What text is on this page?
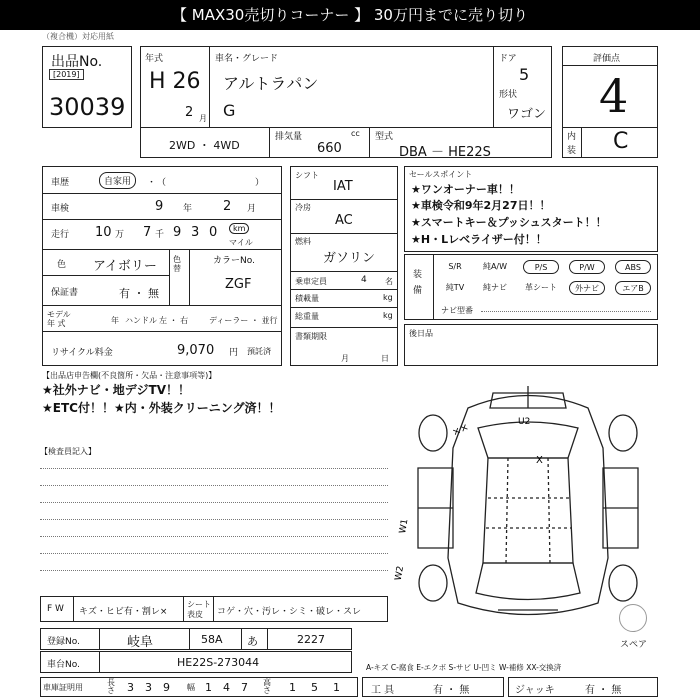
【 MAX30売切りコーナー 】 30万円までに売り切り
（複合機）対応用紙
出品No.
[2019]
30039
年式
H 26
2 月
車名・グレード
アルトラパン
G
ドア
5
形状
ワゴン
2WD ・ 4WD
排気量	cc
660
型式
DBA － HE22S
評価点
4
内
装 C
車歴	自家用	・ （	）
車検	9 年 2 月
走行 10 万 7 千 9 3 0	km
マイル
色 アイボリー 色替
カラーNo.
ZGF
保証書	有 ・ 無
モデル
年 式	年 ハンドル 左 ・ 右	ディーラー ・ 並行
リサイクル料金	9,070 円 預託済
シフト
IAT
冷房
AC
燃料
ガソリン
乗車定員	4 名
積載量	kg
総重量	kg
書類期限
月	日
セールスポイント
★ワンオーナー車！！
★車検令和9年2月27日！！
★スマートキー＆プッシュスタート！！
★H・Lレベライザー付！！
装
備
S/R	純A/W	P/S	P/W	ABS
純TV	純ナビ	革シート	外ナビ	エアB
ナビ型番
後日品
【出品店申告欄(不良箇所・欠品・注意事項等)】
★社外ナビ・地デジTV！！
★ETC付！！★内・外装クリーニング済！！
【検査員記入】
××	U2
X
W1
W2
F W キズ・ヒビ有・割レ×
シート
表皮 コゲ・穴・汚レ・シミ・破レ・スレ
登録No.	岐阜	58A あ	2227
車台No.	HE22S-273044
スペア
A-キズ C-腐食 E-エクボ S-サビ U-凹ミ W-補修 XX-交換済
車庫証明用
長さ 3 3 9 幅 1 4 7 高さ 1 5 1	工 具	有 ・ 無	ジャッキ	有 ・ 無
